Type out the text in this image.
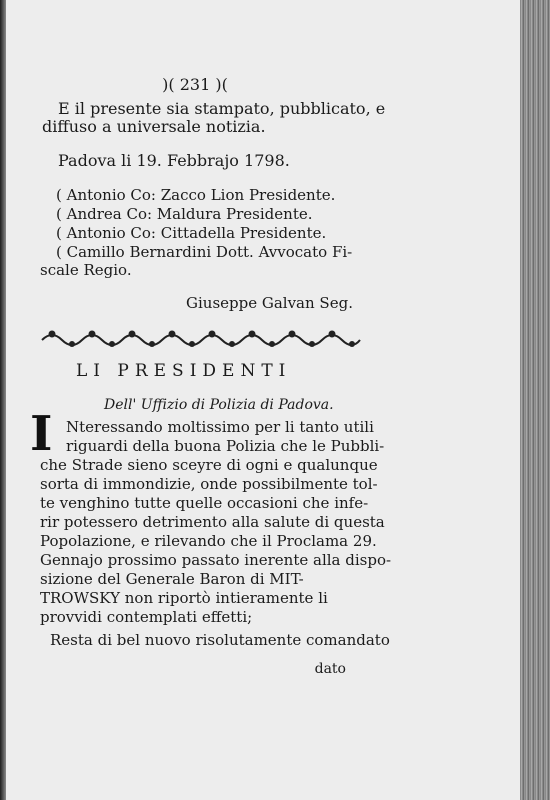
)( 231 )(
E il presente sia stampato, pubblicato, e
diffuso a universale notizia.
Padova li 19. Febbrajo 1798.
( Antonio Co: Zacco Lion Presidente.
( Andrea Co: Maldura Presidente.
( Antonio Co: Cittadella Presidente.
( Camillo Bernardini Dott. Avvocato Fi-
scale Regio.
Giuseppe Galvan Seg.
LI PRESIDENTI
Dell' Uffizio di Polizia di Padova.
I Nteressando moltissimo per li tanto utili
riguardi della buona Polizia che le Pubbli-
che Strade sieno sceyre di ogni e qualunque
sorta di immondizie, onde possibilmente tol-
te venghino tutte quelle occasioni che infe-
rir potessero detrimento alla salute di questa
Popolazione, e rilevando che il Proclama 29.
Gennajo prossimo passato inerente alla dispo-
sizione del Generale Baron di MIT-
TROWSKY non riportò intieramente li
provvidi contemplati effetti;
Resta di bel nuovo risolutamente comandato
dato
